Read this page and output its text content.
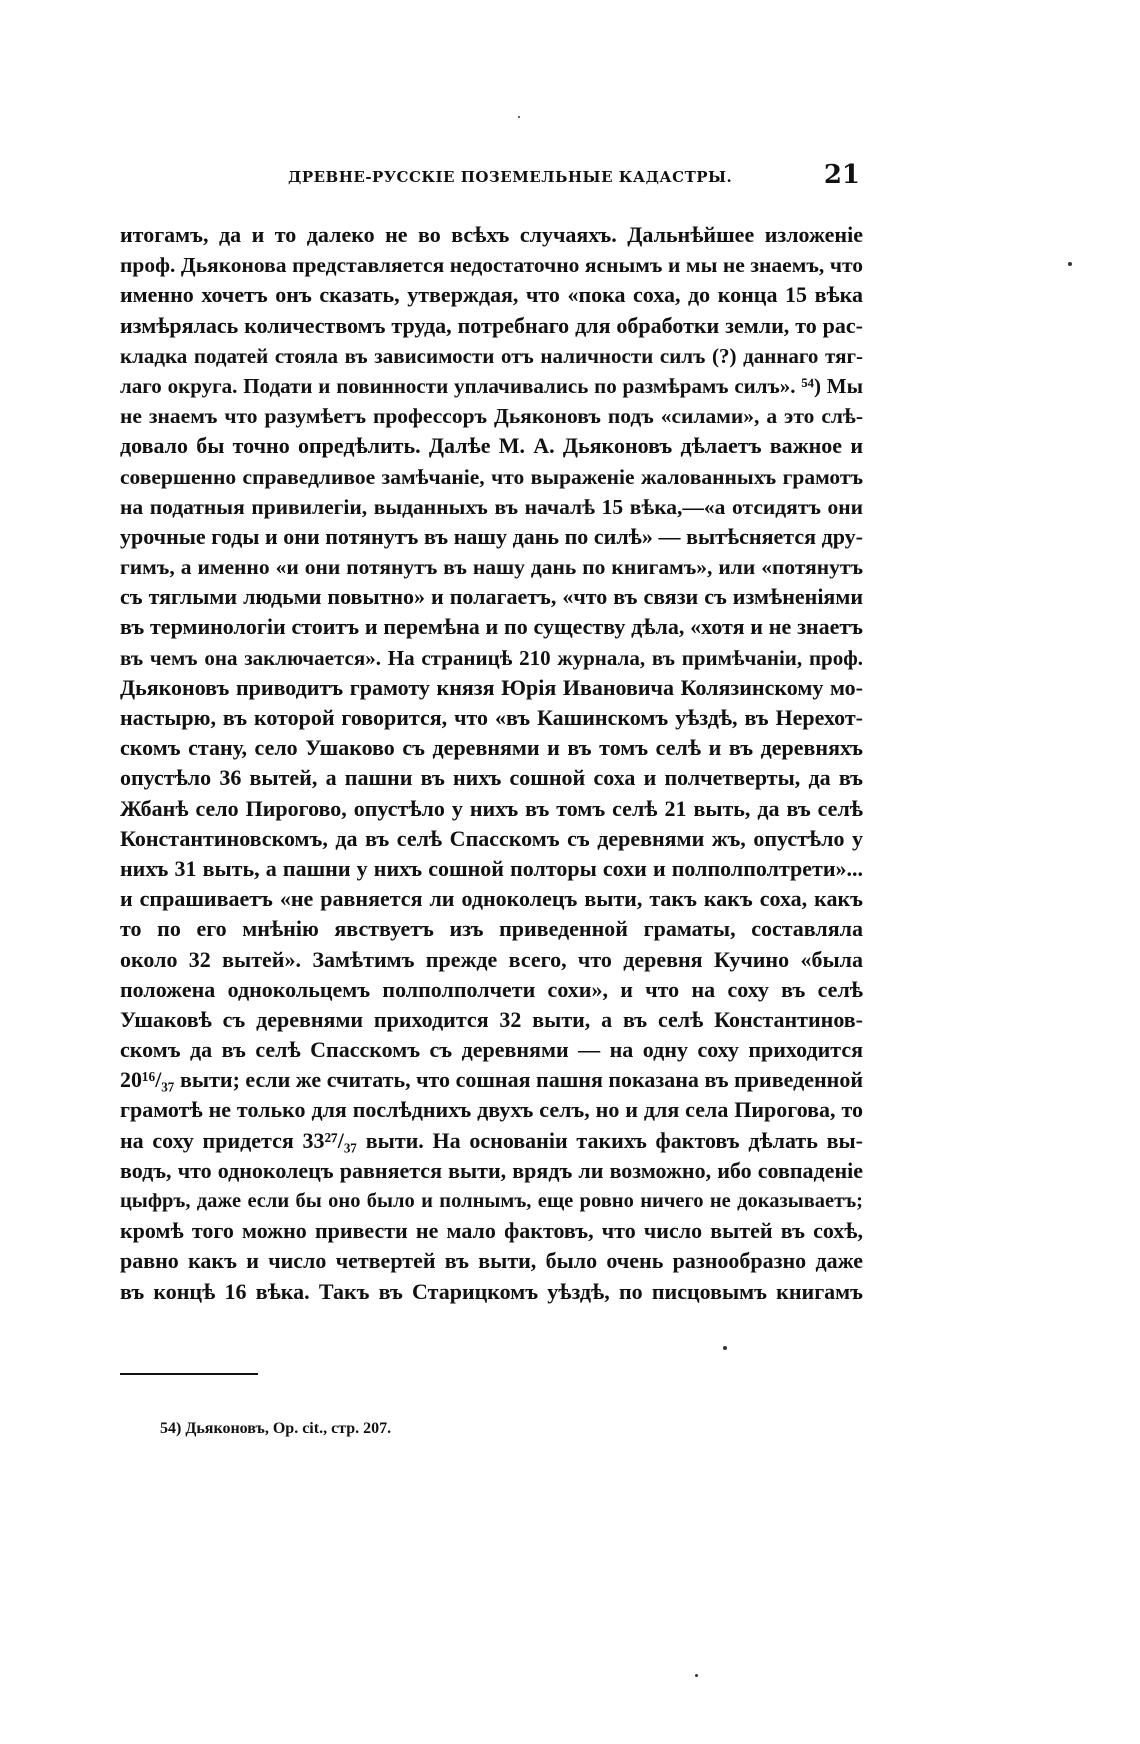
ДРЕВНЕ-РУССКІЕ ПОЗЕМЕЛЬНЫЕ КАДАСТРЫ.	21
итогамъ, да и то далеко не во всѣхъ случаяхъ. Дальнѣйшее изложеніе
проф. Дьяконова представляется недостаточно яснымъ и мы не знаемъ, что
именно хочетъ онъ сказать, утверждая, что «пока соха, до конца 15 вѣка
измѣрялась количествомъ труда, потребнаго для обработки земли, то рас-
кладка податей стояла въ зависимости отъ наличности силъ (?) даннаго тяг-
лаго округа. Подати и повинности уплачивались по размѣрамъ силъ». ⁵⁴) Мы
не знаемъ что разумѣетъ профессоръ Дьяконовъ подъ «силами», а это слѣ-
довало бы точно опредѣлить. Далѣе М. А. Дьяконовъ дѣлаетъ важное и
совершенно справедливое замѣчаніе, что выраженіе жалованныхъ грамотъ
на податныя привилегіи, выданныхъ въ началѣ 15 вѣка,—«а отсидятъ они
урочные годы и они потянутъ въ нашу дань по силѣ» — вытѣсняется дру-
гимъ, а именно «и они потянутъ въ нашу дань по книгамъ», или «потянутъ
съ тяглыми людьми повытно» и полагаетъ, «что въ связи съ измѣненіями
въ терминологіи стоитъ и перемѣна и по существу дѣла, «хотя и не знаетъ
въ чемъ она заключается». На страницѣ 210 журнала, въ примѣчаніи, проф.
Дьяконовъ приводитъ грамоту князя Юрія Ивановича Колязинскому мо-
настырю, въ которой говорится, что «въ Кашинскомъ уѣздѣ, въ Нерехот-
скомъ стану, село Ушаково съ деревнями и въ томъ селѣ и въ деревняхъ
опустѣло 36 вытей, а пашни въ нихъ сошной соха и полчетверты, да въ
Жбанѣ село Пирогово, опустѣло у нихъ въ томъ селѣ 21 выть, да въ селѣ
Константиновскомъ, да въ селѣ Спасскомъ съ деревнями жъ, опустѣло у
нихъ 31 выть, а пашни у нихъ сошной полторы сохи и полполполтрети»...
и спрашиваетъ «не равняется ли одноколецъ выти, такъ какъ соха, какъ
то по его мнѣнію явствуетъ изъ приведенной граматы, составляла
около 32 вытей». Замѣтимъ прежде всего, что деревня Кучино «была
положена однокольцемъ полполполчети сохи», и что на соху въ селѣ
Ушаковѣ съ деревнями приходится 32 выти, а въ селѣ Константинов-
скомъ да въ селѣ Спасскомъ съ деревнями — на одну соху приходится
20¹⁶/₃₇ выти; если же считать, что сошная пашня показана въ приведенной
грамотѣ не только для послѣднихъ двухъ селъ, но и для села Пирогова, то
на соху придется 33²⁷/₃₇ выти. На основаніи такихъ фактовъ дѣлать вы-
водъ, что одноколецъ равняется выти, врядъ ли возможно, ибо совпаденіе
цыфръ, даже если бы оно было и полнымъ, еще ровно ничего не доказываетъ;
кромѣ того можно привести не мало фактовъ, что число вытей въ сохѣ,
равно какъ и число четвертей въ выти, было очень разнообразно даже
въ концѣ 16 вѣка. Такъ въ Старицкомъ уѣздѣ, по писцовымъ книгамъ
54) Дьяконовъ, Op. cit., стр. 207.
